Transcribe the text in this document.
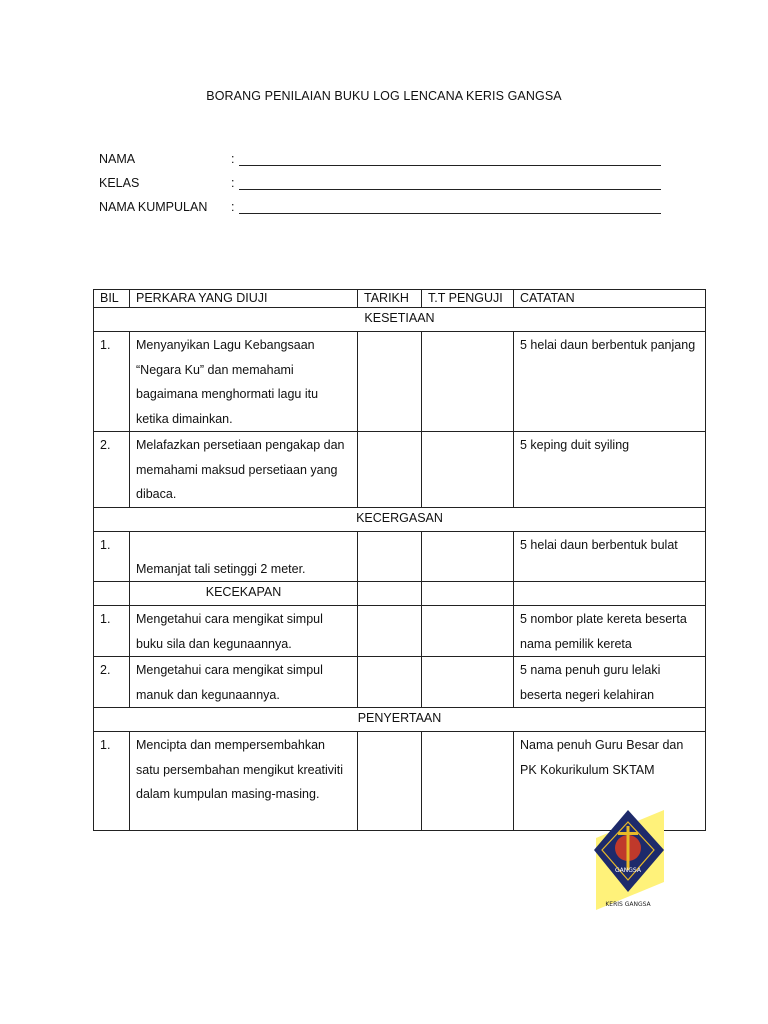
BORANG PENILAIAN BUKU LOG LENCANA KERIS GANGSA
NAMA	:
KELAS	:
NAMA KUMPULAN :
BIL	PERKARA YANG DIUJI	TARIKH	T.T PENGUJI	CATATAN
KESETIAAN				
1.	Menyanyikan Lagu Kebangsaan “Negara Ku” dan memahami bagaimana menghormati lagu itu ketika dimainkan.			5 helai daun berbentuk panjang
2.	Melafazkan persetiaan pengakap dan memahami maksud persetiaan yang dibaca.			5 keping duit syiling
KECERGASAN				
1.	Memanjat tali setinggi 2 meter.			5 helai daun berbentuk bulat
	KECEKAPAN			
1.	Mengetahui cara mengikat simpul buku sila dan kegunaannya.			5 nombor plate kereta beserta nama pemilik kereta
2.	Mengetahui cara mengikat simpul manuk dan kegunaannya.			5 nama penuh guru lelaki beserta negeri kelahiran
PENYERTAAN				
1.	Mencipta dan mempersembahkan satu persembahan mengikut kreativiti dalam kumpulan masing-masing.			Nama penuh Guru Besar dan PK Kokurikulum SKTAM
GANGSA
KERIS GANGSA
